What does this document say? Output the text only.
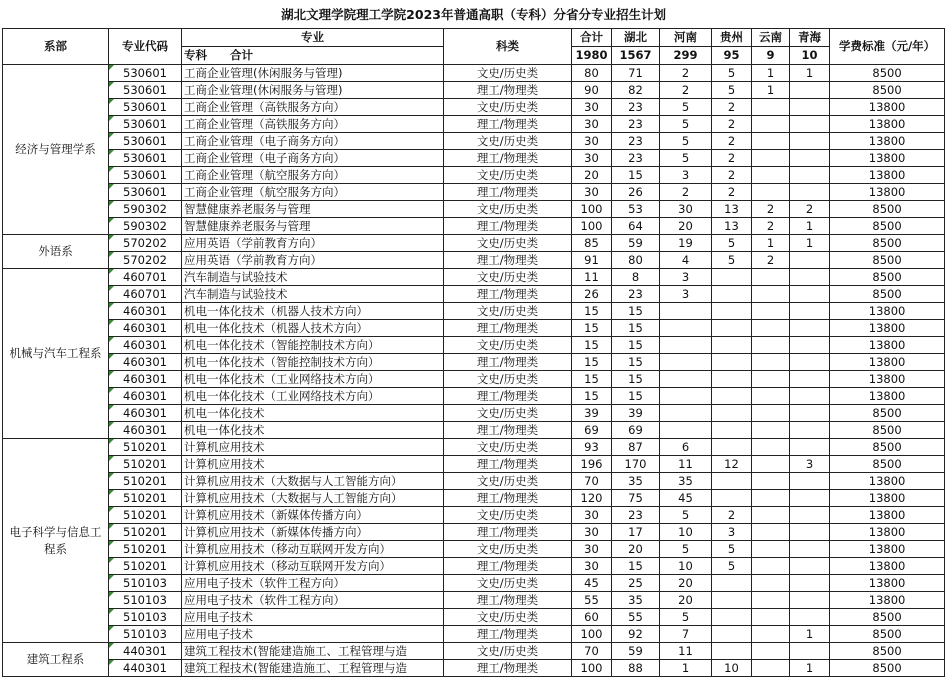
湖北文理学院理工学院2023年普通高职（专科）分省分专业招生计划										
系部	专业代码	专业	科类	合计	湖北	河南	贵州	云南	青海	学费标准（元/年）
		专科　　合计		1980	1567	299	95	9	10	
经济与管理学系	530601	工商企业管理(休闲服务与管理)	文史/历史类	80	71	2	5	1	1	8500
	530601	工商企业管理(休闲服务与管理)	理工/物理类	90	82	2	5	1		8500
	530601	工商企业管理（高铁服务方向）	文史/历史类	30	23	5	2			13800
	530601	工商企业管理（高铁服务方向）	理工/物理类	30	23	5	2			13800
	530601	工商企业管理（电子商务方向）	文史/历史类	30	23	5	2			13800
	530601	工商企业管理（电子商务方向）	理工/物理类	30	23	5	2			13800
	530601	工商企业管理（航空服务方向）	文史/历史类	20	15	3	2			13800
	530601	工商企业管理（航空服务方向）	理工/物理类	30	26	2	2			13800
	590302	智慧健康养老服务与管理	文史/历史类	100	53	30	13	2	2	8500
	590302	智慧健康养老服务与管理	理工/物理类	100	64	20	13	2	1	8500
外语系	570202	应用英语（学前教育方向）	文史/历史类	85	59	19	5	1	1	8500
	570202	应用英语（学前教育方向）	理工/物理类	91	80	4	5	2		8500
机械与汽车工程系	460701	汽车制造与试验技术	文史/历史类	11	8	3				8500
	460701	汽车制造与试验技术	理工/物理类	26	23	3				8500
	460301	机电一体化技术（机器人技术方向）	文史/历史类	15	15					13800
	460301	机电一体化技术（机器人技术方向）	理工/物理类	15	15					13800
	460301	机电一体化技术（智能控制技术方向）	文史/历史类	15	15					13800
	460301	机电一体化技术（智能控制技术方向）	理工/物理类	15	15					13800
	460301	机电一体化技术（工业网络技术方向）	文史/历史类	15	15					13800
	460301	机电一体化技术（工业网络技术方向）	理工/物理类	15	15					13800
	460301	机电一体化技术	文史/历史类	39	39					8500
	460301	机电一体化技术	理工/物理类	69	69					8500
电子科学与信息工程系	510201	计算机应用技术	文史/历史类	93	87	6				8500
	510201	计算机应用技术	理工/物理类	196	170	11	12		3	8500
	510201	计算机应用技术（大数据与人工智能方向）	文史/历史类	70	35	35				13800
	510201	计算机应用技术（大数据与人工智能方向）	理工/物理类	120	75	45				13800
	510201	计算机应用技术（新媒体传播方向）	文史/历史类	30	23	5	2			13800
	510201	计算机应用技术（新媒体传播方向）	理工/物理类	30	17	10	3			13800
	510201	计算机应用技术（移动互联网开发方向）	文史/历史类	30	20	5	5			13800
	510201	计算机应用技术（移动互联网开发方向）	理工/物理类	30	15	10	5			13800
	510103	应用电子技术（软件工程方向）	文史/历史类	45	25	20				13800
	510103	应用电子技术（软件工程方向）	理工/物理类	55	35	20				13800
	510103	应用电子技术	文史/历史类	60	55	5				8500
	510103	应用电子技术	理工/物理类	100	92	7			1	8500
建筑工程系	440301	建筑工程技术(智能建造施工、工程管理与造	文史/历史类	70	59	11				8500
	440301	建筑工程技术(智能建造施工、工程管理与造	理工/物理类	100	88	1	10		1	8500
